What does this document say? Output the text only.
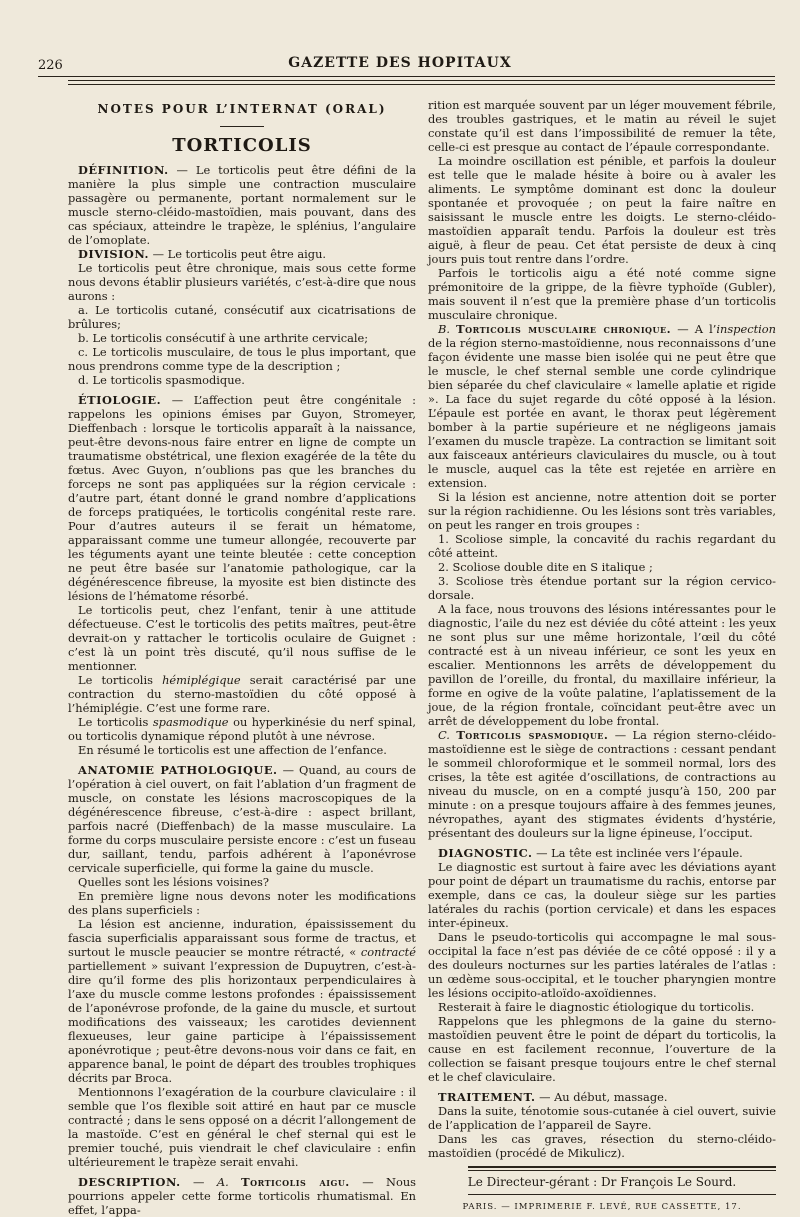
226	GAZETTE DES HOPITAUX
NOTES POUR L’INTERNAT (ORAL)
TORTICOLIS

DÉFINITION. — Le torticolis peut être défini de la manière la plus simple une contraction musculaire passagère ou permanente, portant normalement sur le muscle sterno-cléido-mastoïdien, mais pouvant, dans des cas spéciaux, atteindre le trapèze, le splénius, l’angulaire de l’omoplate.

DIVISION. — Le torticolis peut être aigu.

Le torticolis peut être chronique, mais sous cette forme nous devons établir plusieurs variétés, c’est-à-dire que nous aurons :

a. Le torticolis cutané, consécutif aux cicatrisations de brûlures;

b. Le torticolis consécutif à une arthrite cervicale;

c. Le torticolis musculaire, de tous le plus important, que nous prendrons comme type de la description ;

d. Le torticolis spasmodique.

ÉTIOLOGIE. — L’affection peut être congénitale : rappelons les opinions émises par Guyon, Stromeyer, Dieffenbach : lorsque le torticolis apparaît à la naissance, peut-être devons-nous faire entrer en ligne de compte un traumatisme obstétrical, une flexion exagérée de la tête du fœtus. Avec Guyon, n’oublions pas que les branches du forceps ne sont pas appliquées sur la région cervicale : d’autre part, étant donné le grand nombre d’applications de forceps pratiquées, le torticolis congénital reste rare. Pour d’autres auteurs il se ferait un hématome, apparaissant comme une tumeur allongée, recouverte par les téguments ayant une teinte bleutée : cette conception ne peut être basée sur l’anatomie pathologique, car la dégénérescence fibreuse, la myosite est bien distincte des lésions de l’hématome résorbé.

Le torticolis peut, chez l’enfant, tenir à une attitude défectueuse. C’est le torticolis des petits maîtres, peut-être devrait-on y rattacher le torticolis oculaire de Guignet : c’est là un point très discuté, qu’il nous suffise de le mentionner.

Le torticolis hémiplégique serait caractérisé par une contraction du sterno-mastoïdien du côté opposé à l’hémiplégie. C’est une forme rare.

Le torticolis spasmodique ou hyperkinésie du nerf spinal, ou torticolis dynamique répond plutôt à une névrose.

En résumé le torticolis est une affection de l’enfance.

ANATOMIE PATHOLOGIQUE. — Quand, au cours de l’opération à ciel ouvert, on fait l’ablation d’un fragment de muscle, on constate les lésions macroscopiques de la dégénérescence fibreuse, c’est-à-dire : aspect brillant, parfois nacré (Dieffenbach) de la masse musculaire. La forme du corps musculaire persiste encore : c’est un fuseau dur, saillant, tendu, parfois adhérent à l’aponévrose cervicale superficielle, qui forme la gaine du muscle.

Quelles sont les lésions voisines?

En première ligne nous devons noter les modifications des plans superficiels :

La lésion est ancienne, induration, épaississement du fascia superficialis apparaissant sous forme de tractus, et surtout le muscle peaucier se montre rétracté, « contracté partiellement » suivant l’expression de Dupuytren, c’est-à-dire qu’il forme des plis horizontaux perpendiculaires à l’axe du muscle comme lestons profondes : épaississement de l’aponévrose profonde, de la gaine du muscle, et surtout modifications des vaisseaux; les carotides deviennent flexueuses, leur gaine participe à l’épaississement aponévrotique ; peut-être devons-nous voir dans ce fait, en apparence banal, le point de départ des troubles trophiques décrits par Broca.

Mentionnons l’exagération de la courbure claviculaire : il semble que l’os flexible soit attiré en haut par ce muscle contracté ; dans le sens opposé on a décrit l’allongement de la mastoïde. C’est en général le chef sternal qui est le premier touché, puis viendrait le chef claviculaire : enfin ultérieurement le trapèze serait envahi.

DESCRIPTION. — A. Torticolis aigu. — Nous pourrions appeler cette forme torticolis rhumatismal. En effet, l’appa-

rition est marquée souvent par un léger mouvement fébrile, des troubles gastriques, et le matin au réveil le sujet constate qu’il est dans l’impossibilité de remuer la tête, celle-ci est presque au contact de l’épaule correspondante.

La moindre oscillation est pénible, et parfois la douleur est telle que le malade hésite à boire ou à avaler les aliments. Le symptôme dominant est donc la douleur spontanée et provoquée ; on peut la faire naître en saisissant le muscle entre les doigts. Le sterno-cléido-mastoïdien apparaît tendu. Parfois la douleur est très aiguë, à fleur de peau. Cet état persiste de deux à cinq jours puis tout rentre dans l’ordre.

Parfois le torticolis aigu a été noté comme signe prémonitoire de la grippe, de la fièvre typhoïde (Gubler), mais souvent il n’est que la première phase d’un torticolis musculaire chronique.

B. Torticolis musculaire chronique. — A l’inspection de la région sterno-mastoïdienne, nous reconnaissons d’une façon évidente une masse bien isolée qui ne peut être que le muscle, le chef sternal semble une corde cylindrique bien séparée du chef claviculaire « lamelle aplatie et rigide ». La face du sujet regarde du côté opposé à la lésion. L’épaule est portée en avant, le thorax peut légèrement bomber à la partie supérieure et ne négligeons jamais l’examen du muscle trapèze. La contraction se limitant soit aux faisceaux antérieurs claviculaires du muscle, ou à tout le muscle, auquel cas la tête est rejetée en arrière en extension.

Si la lésion est ancienne, notre attention doit se porter sur la région rachidienne. Ou les lésions sont très variables, on peut les ranger en trois groupes :

1. Scoliose simple, la concavité du rachis regardant du côté atteint.

2. Scoliose double dite en S italique ;

3. Scoliose très étendue portant sur la région cervico-dorsale.

A la face, nous trouvons des lésions intéressantes pour le diagnostic, l’aile du nez est déviée du côté atteint : les yeux ne sont plus sur une même horizontale, l’œil du côté contracté est à un niveau inférieur, ce sont les yeux en escalier. Mentionnons les arrêts de développement du pavillon de l’oreille, du frontal, du maxillaire inférieur, la forme en ogive de la voûte palatine, l’aplatissement de la joue, de la région frontale, coïncidant peut-être avec un arrêt de développement du lobe frontal.

C. Torticolis spasmodique. — La région sterno-cléido-mastoïdienne est le siège de contractions : cessant pendant le sommeil chloroformique et le sommeil normal, lors des crises, la tête est agitée d’oscillations, de contractions au niveau du muscle, on en a compté jusqu’à 150, 200 par minute : on a presque toujours affaire à des femmes jeunes, névropathes, ayant des stigmates évidents d’hystérie, présentant des douleurs sur la ligne épineuse, l’occiput.

DIAGNOSTIC. — La tête est inclinée vers l’épaule.

Le diagnostic est surtout à faire avec les déviations ayant pour point de départ un traumatisme du rachis, entorse par exemple, dans ce cas, la douleur siège sur les parties latérales du rachis (portion cervicale) et dans les espaces inter-épineux.

Dans le pseudo-torticolis qui accompagne le mal sous-occipital la face n’est pas déviée de ce côté opposé : il y a des douleurs nocturnes sur les parties latérales de l’atlas : un œdème sous-occipital, et le toucher pharyngien montre les lésions occipito-atloïdo-axoïdiennes.

Resterait à faire le diagnostic étiologique du torticolis.

Rappelons que les phlegmons de la gaine du sterno-mastoïdien peuvent être le point de départ du torticolis, la cause en est facilement reconnue, l’ouverture de la collection se faisant presque toujours entre le chef sternal et le chef claviculaire.

TRAITEMENT. — Au début, massage.

Dans la suite, ténotomie sous-cutanée à ciel ouvert, suivie de l’application de l’appareil de Sayre.

Dans les cas graves, résection du sterno-cléido-mastoïdien (procédé de Mikulicz).

Le Directeur-gérant : Dr François Le Sourd.
PARIS. — IMPRIMERIE F. LEVÉ, RUE CASSETTE, 17.
